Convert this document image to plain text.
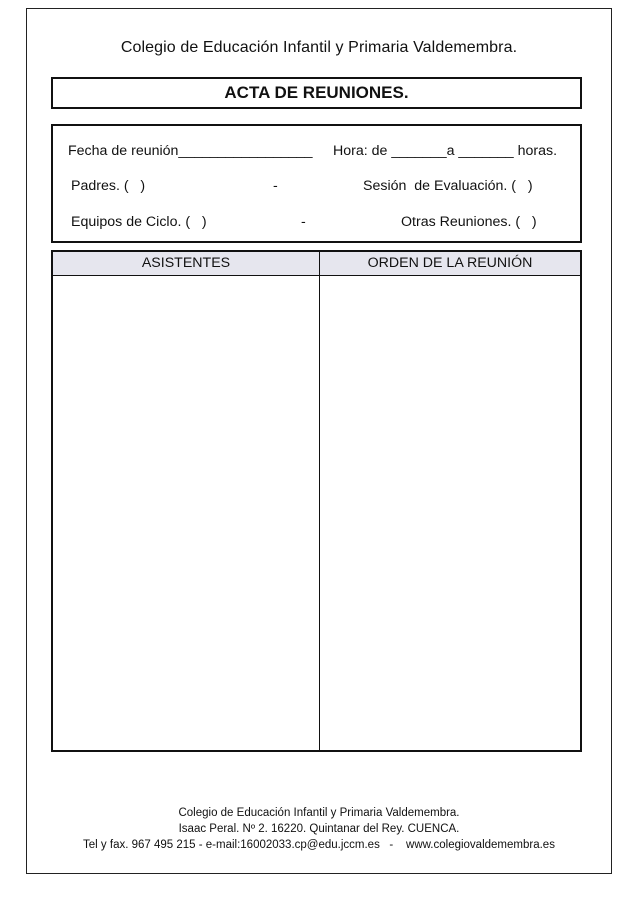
Colegio de Educación Infantil y Primaria Valdemembra.
ACTA DE REUNIONES.
Fecha de reunión_________________ Hora: de _______a _______ horas.
Padres. (   )	-	Sesión  de Evaluación. (   )
Equipos de Ciclo. (   )	-	Otras Reuniones. (   )
ASISTENTES	ORDEN DE LA REUNIÓN
Colegio de Educación Infantil y Primaria Valdemembra.
Isaac Peral. Nº 2. 16220. Quintanar del Rey. CUENCA.
Tel y fax. 967 495 215 - e-mail:16002033.cp@edu.jccm.es   -    www.colegiovaldemembra.es
